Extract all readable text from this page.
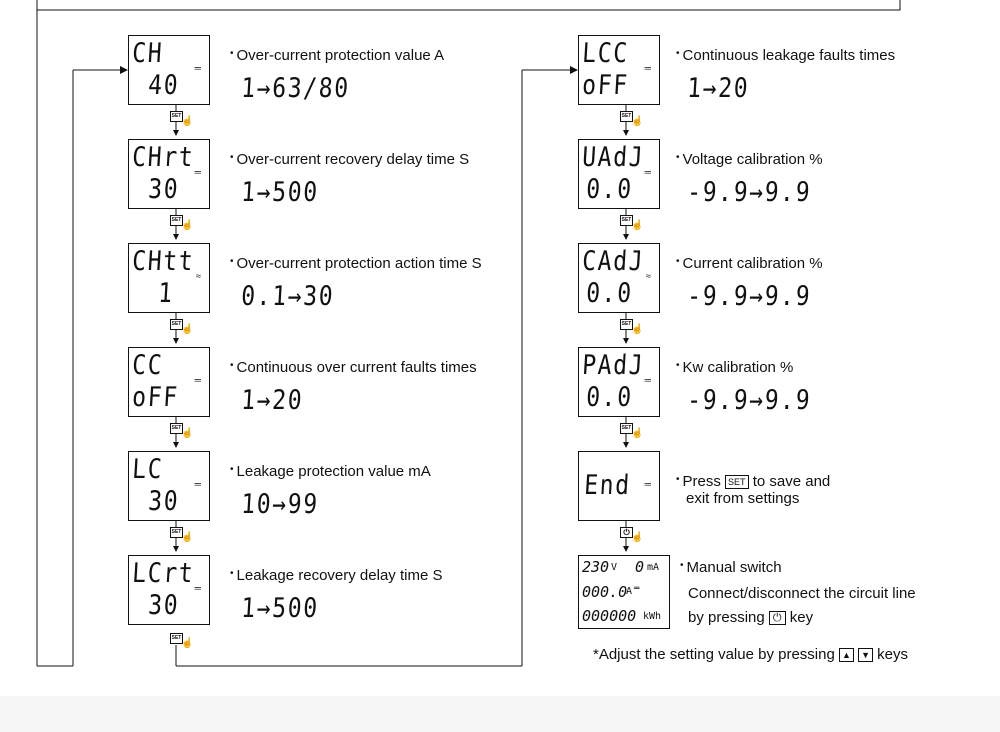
CH
40
═
• Over-current protection value A
1→63/80
CHrt
30
═
• Over-current recovery delay time S
1→500
CHtt
1
≈
• Over-current protection action time S
0.1→30
CC
oFF
═
• Continuous over current faults times
1→20
LC
30
═
• Leakage protection value mA
10→99
LCrt
30
═
• Leakage recovery delay time S
1→500
LCC
oFF
═
• Continuous leakage faults times
1→20
UAdJ
0.0
═
• Voltage calibration %
-9.9→9.9
CAdJ
0.0
≈
• Current calibration %
-9.9→9.9
PAdJ
0.0
═
• Kw calibration %
-9.9→9.9
End ═	• Press SET to save and
exit from settings
230 V 0 mA
000.0
A ═
000000 kWh
• Manual switch
Connect/disconnect the circuit line
by pressing ⏻ key
*Adjust the setting value by pressing ▲ ▼ keys
SET ☝
SET ☝
SET ☝
SET ☝
SET ☝
SET ☝
SET ☝
SET ☝
SET ☝
⏻ ☝
SET ☝
